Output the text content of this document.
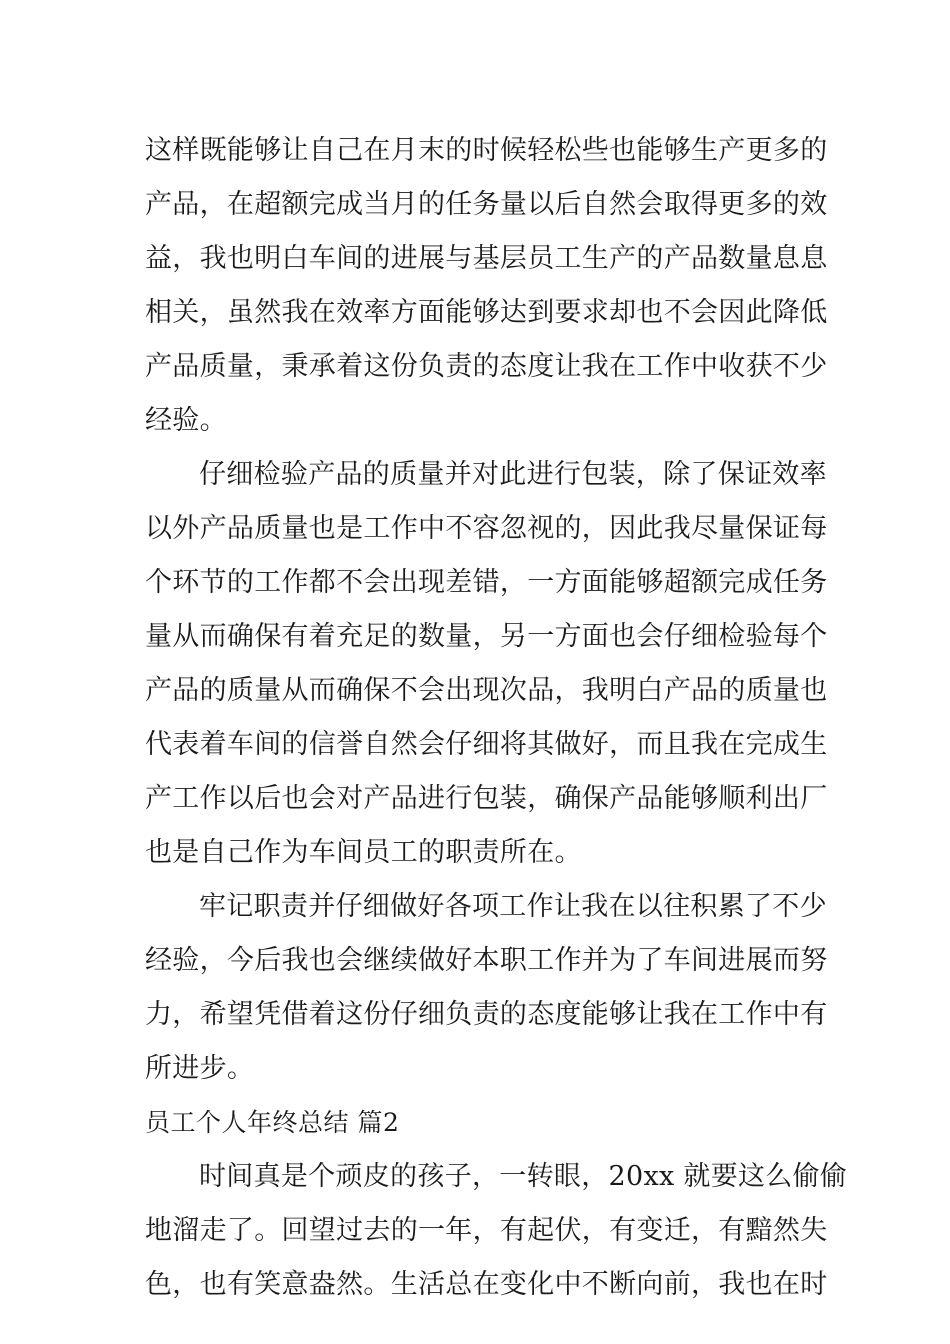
这样既能够让自己在月末的时候轻松些也能够生产更多的
产品，在超额完成当月的任务量以后自然会取得更多的效
益，我也明白车间的进展与基层员工生产的产品数量息息
相关，虽然我在效率方面能够达到要求却也不会因此降低
产品质量，秉承着这份负责的态度让我在工作中收获不少
经验。
仔细检验产品的质量并对此进行包装，除了保证效率
以外产品质量也是工作中不容忽视的，因此我尽量保证每
个环节的工作都不会出现差错，一方面能够超额完成任务
量从而确保有着充足的数量，另一方面也会仔细检验每个
产品的质量从而确保不会出现次品，我明白产品的质量也
代表着车间的信誉自然会仔细将其做好，而且我在完成生
产工作以后也会对产品进行包装，确保产品能够顺利出厂
也是自己作为车间员工的职责所在。
牢记职责并仔细做好各项工作让我在以往积累了不少
经验，今后我也会继续做好本职工作并为了车间进展而努
力，希望凭借着这份仔细负责的态度能够让我在工作中有
所进步。
员工个人年终总结 篇2
时间真是个顽皮的孩子，一转眼，20xx 就要这么偷偷
地溜走了。回望过去的一年，有起伏，有变迁，有黯然失
色，也有笑意盎然。生活总在变化中不断向前，我也在时
